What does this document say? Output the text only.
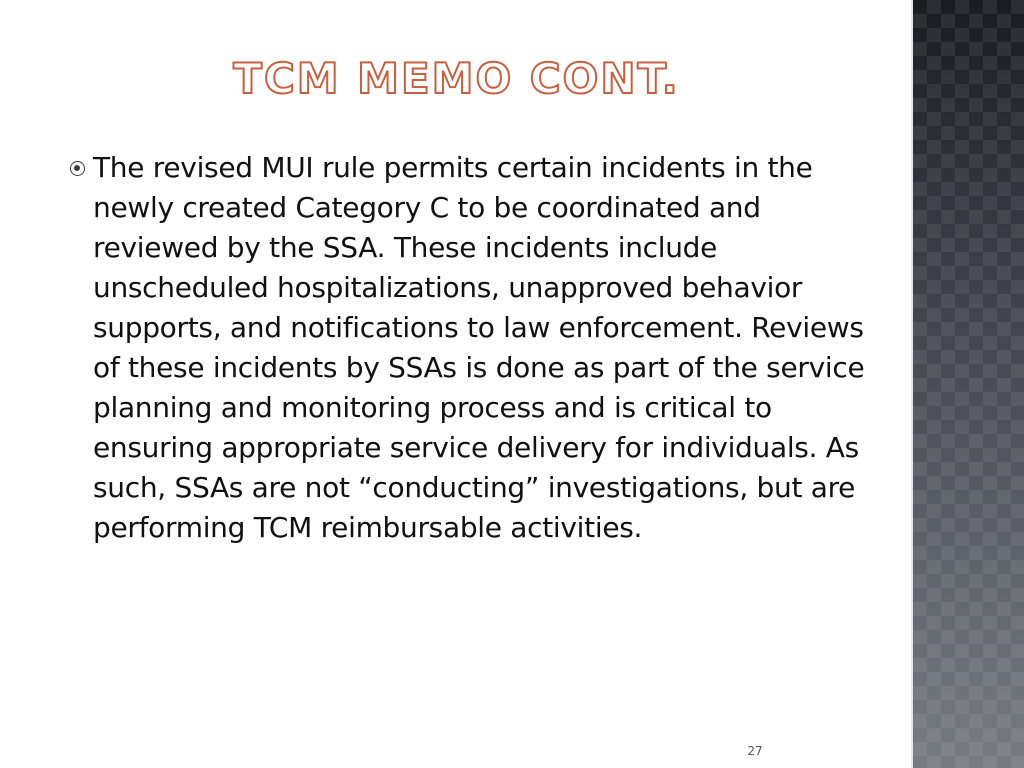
TCM MEMO CONT.

The revised MUI rule permits certain incidents in the newly created Category C to be coordinated and reviewed by the SSA. These incidents include unscheduled hospitalizations, unapproved behavior supports, and notifications to law enforcement. Reviews of these incidents by SSAs is done as part of the service planning and monitoring process and is critical to ensuring appropriate service delivery for individuals. As such, SSAs are not “conducting” investigations, but are performing TCM reimbursable activities.

27
